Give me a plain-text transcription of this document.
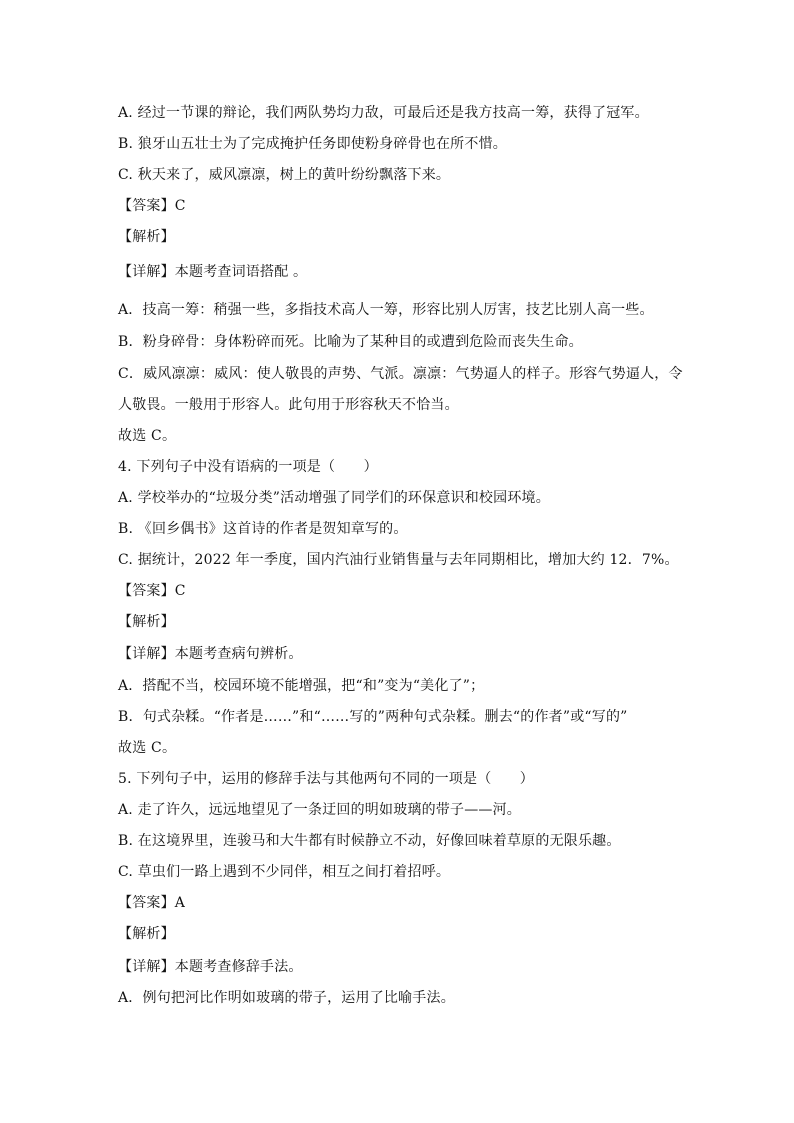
A. 经过一节课的辩论，我们两队势均力敌，可最后还是我方技高一筹，获得了冠军。
B. 狼牙山五壮士为了完成掩护任务即使粉身碎骨也在所不惜。
C. 秋天来了，威风凛凛，树上的黄叶纷纷飘落下来。
【答案】C
【解析】
【详解】本题考查词语搭配 。
A．技高一筹：稍强一些，多指技术高人一筹，形容比别人厉害，技艺比别人高一些。
B．粉身碎骨：身体粉碎而死。比喻为了某种目的或遭到危险而丧失生命。
C．威风凛凛：威风：使人敬畏的声势、气派。凛凛：气势逼人的样子。形容气势逼人，令
人敬畏。一般用于形容人。此句用于形容秋天不恰当。
故选 C。
4. 下列句子中没有语病的一项是（　　）
A. 学校举办的“垃圾分类”活动增强了同学们的环保意识和校园环境。
B. 《回乡偶书》这首诗的作者是贺知章写的。
C. 据统计，2022 年一季度，国内汽油行业销售量与去年同期相比，增加大约 12．7%。
【答案】C
【解析】
【详解】本题考查病句辨析。
A．搭配不当，校园环境不能增强，把“和”变为“美化了”；
B．句式杂糅。“作者是……”和“……写的”两种句式杂糅。删去“的作者”或“写的”
故选 C。
5. 下列句子中，运用的修辞手法与其他两句不同的一项是（　　）
A. 走了许久，远远地望见了一条迂回的明如玻璃的带子——河。
B. 在这境界里，连骏马和大牛都有时候静立不动，好像回味着草原的无限乐趣。
C. 草虫们一路上遇到不少同伴，相互之间打着招呼。
【答案】A
【解析】
【详解】本题考查修辞手法。
A．例句把河比作明如玻璃的带子，运用了比喻手法。
